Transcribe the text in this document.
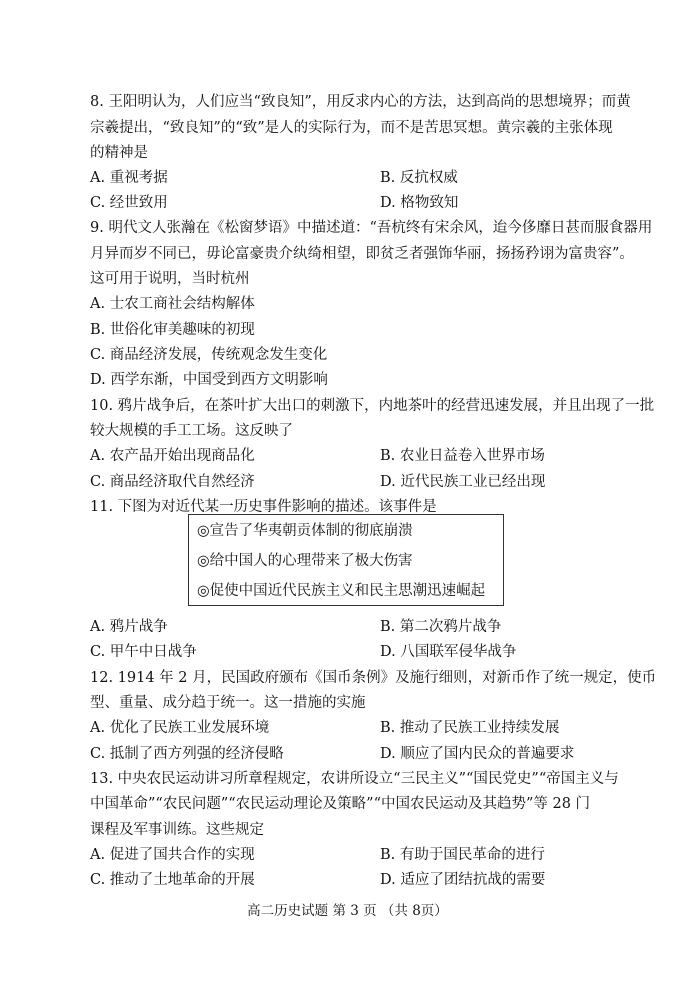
8. 王阳明认为，人们应当“致良知”，用反求内心的方法，达到高尚的思想境界；而黄
宗羲提出，“致良知”的“致”是人的实际行为，而不是苦思冥想。黄宗羲的主张体现
的精神是
A. 重视考据	B. 反抗权威
C. 经世致用	D. 格物致知
9. 明代文人张瀚在《松窗梦语》中描述道：“吾杭终有宋余风，迨今侈靡日甚而服食器用
月异而岁不同已，毋论富豪贵介纨绮相望，即贫乏者强饰华丽，扬扬矜诩为富贵容”。
这可用于说明，当时杭州
A. 士农工商社会结构解体
B. 世俗化审美趣味的初现
C. 商品经济发展，传统观念发生变化
D. 西学东渐，中国受到西方文明影响
10. 鸦片战争后，在茶叶扩大出口的刺激下，内地茶叶的经营迅速发展，并且出现了一批
较大规模的手工工场。这反映了
A. 农产品开始出现商品化	B. 农业日益卷入世界市场
C. 商品经济取代自然经济	D. 近代民族工业已经出现
11. 下图为对近代某一历史事件影响的描述。该事件是
◎宣告了华夷朝贡体制的彻底崩溃
◎给中国人的心理带来了极大伤害
◎促使中国近代民族主义和民主思潮迅速崛起
A. 鸦片战争	B. 第二次鸦片战争
C. 甲午中日战争	D. 八国联军侵华战争
12. 1914 年 2 月，民国政府颁布《国币条例》及施行细则，对新币作了统一规定，使币
型、重量、成分趋于统一。这一措施的实施
A. 优化了民族工业发展环境	B. 推动了民族工业持续发展
C. 抵制了西方列强的经济侵略	D. 顺应了国内民众的普遍要求
13. 中央农民运动讲习所章程规定，农讲所设立“三民主义”“国民党史”“帝国主义与
中国革命”“农民问题”“农民运动理论及策略”“中国农民运动及其趋势”等 28 门
课程及军事训练。这些规定
A. 促进了国共合作的实现	B. 有助于国民革命的进行
C. 推动了土地革命的开展	D. 适应了团结抗战的需要
高二历史试题 第 3 页 （共 8页）
